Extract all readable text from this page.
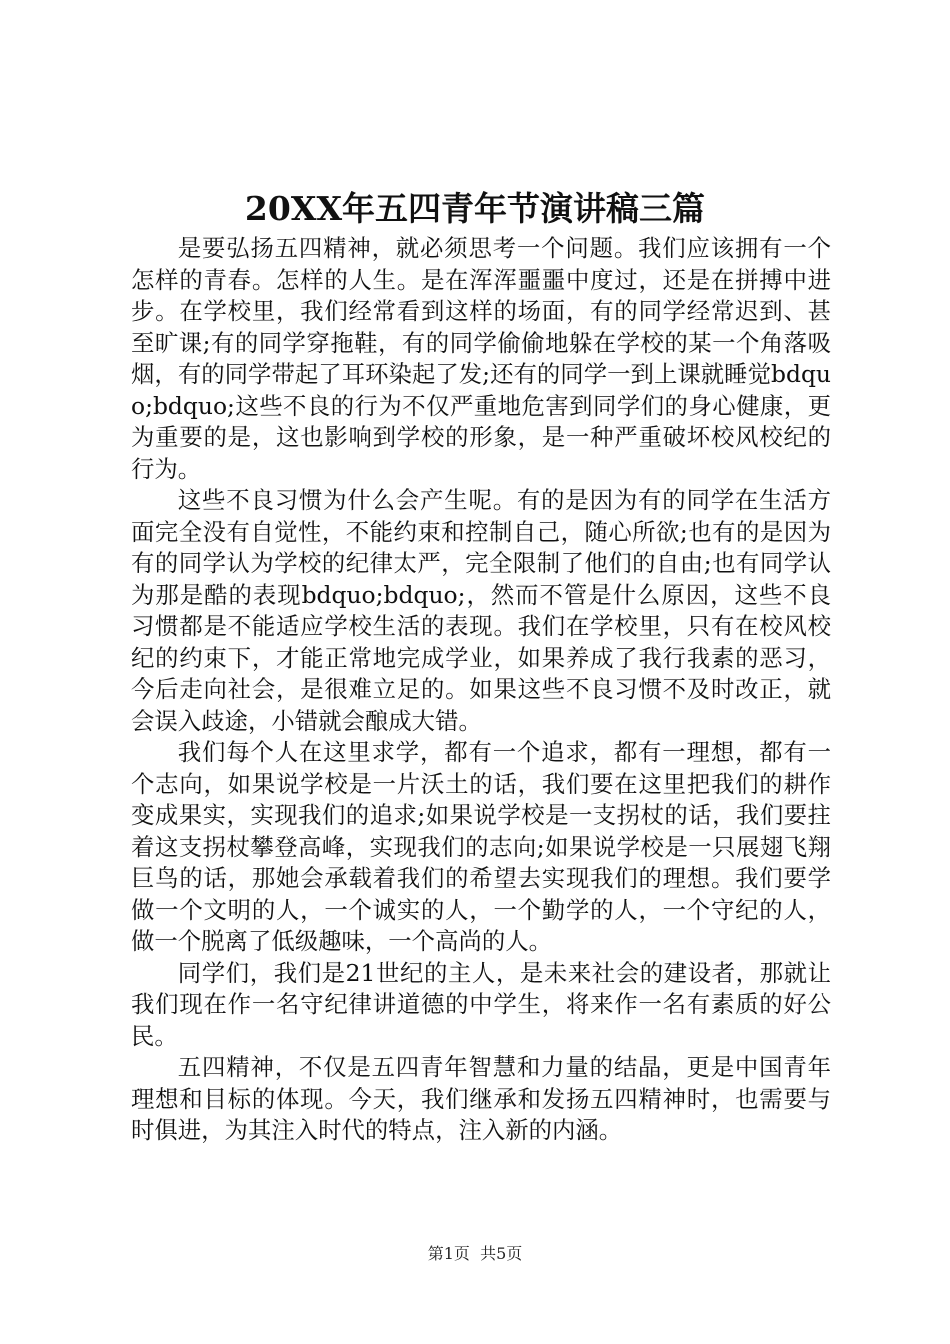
20XX年五四青年节演讲稿三篇

是要弘扬五四精神，就必须思考一个问题。我们应该拥有一个怎样的青春。怎样的人生。是在浑浑噩噩中度过，还是在拼搏中进步。在学校里，我们经常看到这样的场面，有的同学经常迟到、甚至旷课;有的同学穿拖鞋，有的同学偷偷地躲在学校的某一个角落吸烟，有的同学带起了耳环染起了发;还有的同学一到上课就睡觉bdquo;bdquo;这些不良的行为不仅严重地危害到同学们的身心健康，更为重要的是，这也影响到学校的形象，是一种严重破坏校风校纪的行为。

这些不良习惯为什么会产生呢。有的是因为有的同学在生活方面完全没有自觉性，不能约束和控制自己，随心所欲;也有的是因为有的同学认为学校的纪律太严，完全限制了他们的自由;也有同学认为那是酷的表现bdquo;bdquo;，然而不管是什么原因，这些不良习惯都是不能适应学校生活的表现。我们在学校里，只有在校风校纪的约束下，才能正常地完成学业，如果养成了我行我素的恶习，今后走向社会，是很难立足的。如果这些不良习惯不及时改正，就会误入歧途，小错就会酿成大错。

我们每个人在这里求学，都有一个追求，都有一理想，都有一个志向，如果说学校是一片沃土的话，我们要在这里把我们的耕作变成果实，实现我们的追求;如果说学校是一支拐杖的话，我们要拄着这支拐杖攀登高峰，实现我们的志向;如果说学校是一只展翅飞翔巨鸟的话，那她会承载着我们的希望去实现我们的理想。我们要学做一个文明的人，一个诚实的人，一个勤学的人，一个守纪的人，做一个脱离了低级趣味，一个高尚的人。

同学们，我们是21世纪的主人，是未来社会的建设者，那就让我们现在作一名守纪律讲道德的中学生，将来作一名有素质的好公民。

五四精神，不仅是五四青年智慧和力量的结晶，更是中国青年理想和目标的体现。今天，我们继承和发扬五四精神时，也需要与时俱进，为其注入时代的特点，注入新的内涵。

第1页 共5页
